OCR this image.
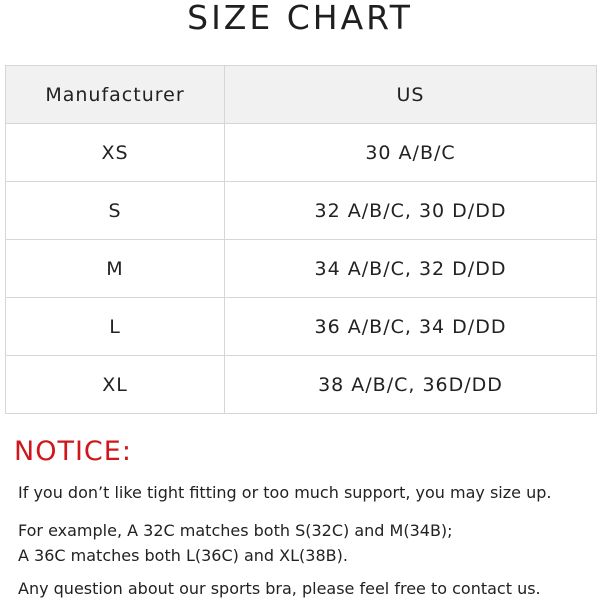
SIZE CHART
Manufacturer	US
XS	30 A/B/C
S	32 A/B/C, 30 D/DD
M	34 A/B/C, 32 D/DD
L	36 A/B/C, 34 D/DD
XL	38 A/B/C, 36D/DD
NOTICE:
If you don’t like tight fitting or too much support, you may size up.
For example, A 32C matches both S(32C) and M(34B);
A 36C matches both L(36C) and XL(38B).
Any question about our sports bra, please feel free to contact us.
